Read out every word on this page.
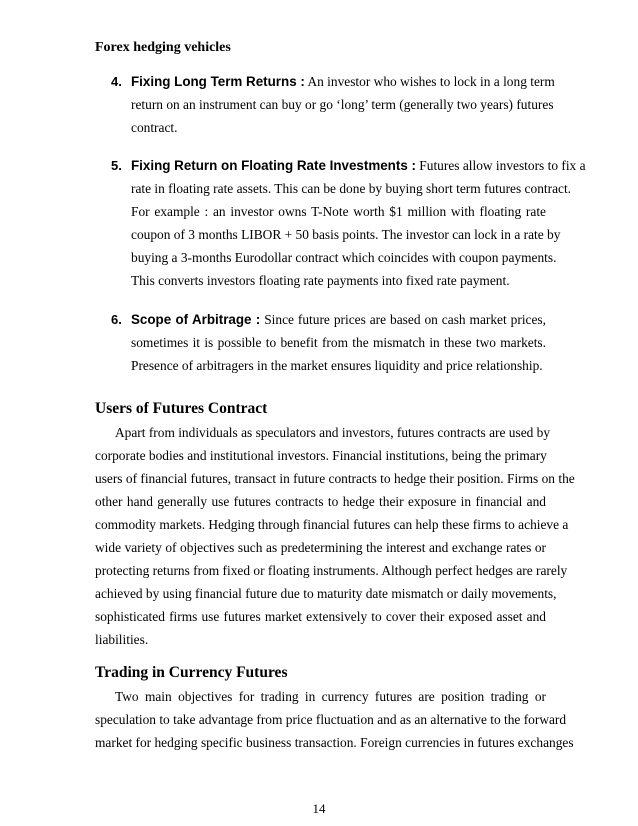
Forex hedging vehicles
4. Fixing Long Term Returns : An investor who wishes to lock in a long term
return on an instrument can buy or go ‘long’ term (generally two years) futures
contract.
5. Fixing Return on Floating Rate Investments : Futures allow investors to fix a
rate in floating rate assets. This can be done by buying short term futures contract.
For example : an investor owns T-Note worth $1 million with floating rate
coupon of 3 months LIBOR + 50 basis points. The investor can lock in a rate by
buying a 3-months Eurodollar contract which coincides with coupon payments.
This converts investors floating rate payments into fixed rate payment.
6. Scope of Arbitrage : Since future prices are based on cash market prices,
sometimes it is possible to benefit from the mismatch in these two markets.
Presence of arbitragers in the market ensures liquidity and price relationship.
Users of Futures Contract
Apart from individuals as speculators and investors, futures contracts are used by
corporate bodies and institutional investors. Financial institutions, being the primary
users of financial futures, transact in future contracts to hedge their position. Firms on the
other hand generally use futures contracts to hedge their exposure in financial and
commodity markets. Hedging through financial futures can help these firms to achieve a
wide variety of objectives such as predetermining the interest and exchange rates or
protecting returns from fixed or floating instruments. Although perfect hedges are rarely
achieved by using financial future due to maturity date mismatch or daily movements,
sophisticated firms use futures market extensively to cover their exposed asset and
liabilities.
Trading in Currency Futures
Two main objectives for trading in currency futures are position trading or
speculation to take advantage from price fluctuation and as an alternative to the forward
market for hedging specific business transaction. Foreign currencies in futures exchanges
14
